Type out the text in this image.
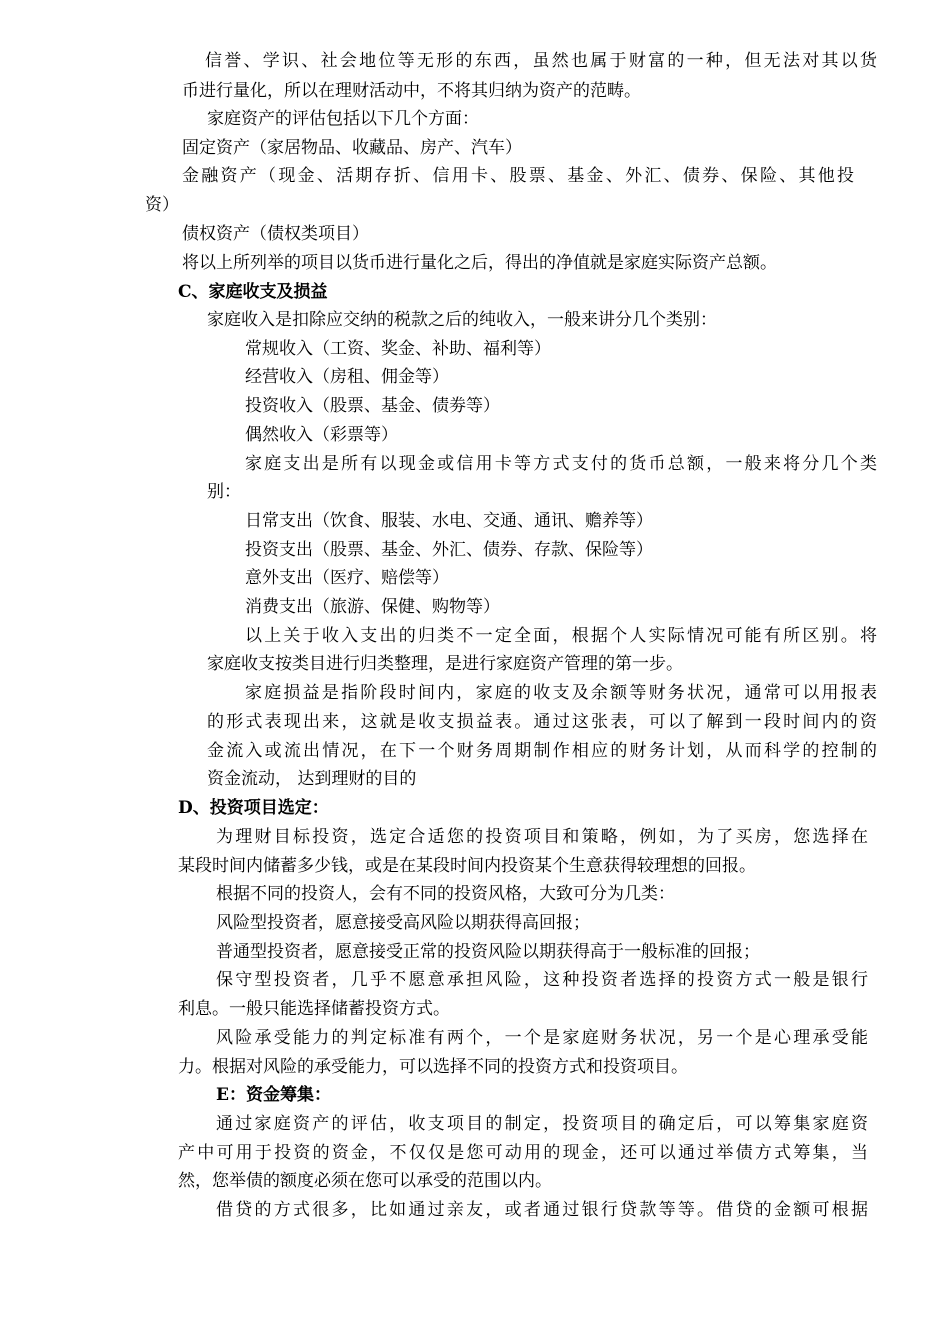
信誉、学识、社会地位等无形的东西，虽然也属于财富的一种，但无法对其以货
币进行量化，所以在理财活动中，不将其归纳为资产的范畴。
家庭资产的评估包括以下几个方面：
固定资产（家居物品、收藏品、房产、汽车）
金融资产（现金、活期存折、信用卡、股票、基金、外汇、债券、保险、其他投
资）
债权资产（债权类项目）
将以上所列举的项目以货币进行量化之后，得出的净值就是家庭实际资产总额。
C、家庭收支及损益
家庭收入是扣除应交纳的税款之后的纯收入，一般来讲分几个类别：
常规收入（工资、奖金、补助、福利等）
经营收入（房租、佣金等）
投资收入（股票、基金、债劵等）
偶然收入（彩票等）
家庭支出是所有以现金或信用卡等方式支付的货币总额，一般来将分几个类
别：
日常支出（饮食、服装、水电、交通、通讯、赡养等）
投资支出（股票、基金、外汇、债券、存款、保险等）
意外支出（医疗、赔偿等）
消费支出（旅游、保健、购物等）
以上关于收入支出的归类不一定全面，根据个人实际情况可能有所区别。将
家庭收支按类目进行归类整理，是进行家庭资产管理的第一步。
家庭损益是指阶段时间内，家庭的收支及余额等财务状况，通常可以用报表
的形式表现出来，这就是收支损益表。通过这张表，可以了解到一段时间内的资
金流入或流出情况，在下一个财务周期制作相应的财务计划，从而科学的控制的
资金流动， 达到理财的目的
D、投资项目选定：
为理财目标投资，选定合适您的投资项目和策略，例如，为了买房，您选择在
某段时间内储蓄多少钱，或是在某段时间内投资某个生意获得较理想的回报。
根据不同的投资人，会有不同的投资风格，大致可分为几类：
风险型投资者，愿意接受高风险以期获得高回报；
普通型投资者，愿意接受正常的投资风险以期获得高于一般标准的回报；
保守型投资者，几乎不愿意承担风险，这种投资者选择的投资方式一般是银行
利息。一般只能选择储蓄投资方式。
风险承受能力的判定标准有两个，一个是家庭财务状况，另一个是心理承受能
力。根据对风险的承受能力，可以选择不同的投资方式和投资项目。
E：资金筹集：
通过家庭资产的评估，收支项目的制定，投资项目的确定后，可以筹集家庭资
产中可用于投资的资金，不仅仅是您可动用的现金，还可以通过举债方式筹集，当
然，您举债的额度必须在您可以承受的范围以内。
借贷的方式很多，比如通过亲友，或者通过银行贷款等等。借贷的金额可根据
